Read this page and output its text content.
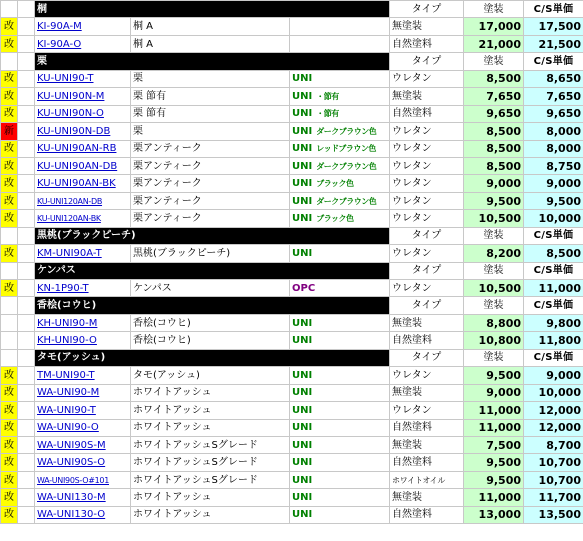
		桐			タイプ	塗装	C/S単価	
改		KI-90A-M	桐 A		無塗装	17,000	17,500	
改		KI-90A-O	桐 A		自然塗料	21,000	21,500	
		栗			タイプ	塗装	C/S単価	
改		KU-UNI90-T	栗	UNI	ウレタン	8,500	8,650	
改		KU-UNI90N-M	栗 節有	UNI ・節有	無塗装	7,650	7,650	
改		KU-UNI90N-O	栗 節有	UNI ・節有	自然塗料	9,650	9,650	
新		KU-UNI90N-DB	栗	UNI ダークブラウン色	ウレタン	8,500	8,000	
改		KU-UNI90AN-RB	栗アンティーク	UNI レッドブラウン色	ウレタン	8,500	8,000	
改		KU-UNI90AN-DB	栗アンティーク	UNI ダークブラウン色	ウレタン	8,500	8,750	
改		KU-UNI90AN-BK	栗アンティーク	UNI ブラック色	ウレタン	9,000	9,000	
改		KU-UNI120AN-DB	栗アンティーク	UNI ダークブラウン色	ウレタン	9,500	9,500	
改		KU-UNI120AN-BK	栗アンティーク	UNI ブラック色	ウレタン	10,500	10,000	
		黒桃(ブラックピーチ)			タイプ	塗装	C/S単価	
改		KM-UNI90A-T	黒桃(ブラックピーチ)	UNI	ウレタン	8,200	8,500	
		ケンパス			タイプ	塗装	C/S単価	
改		KN-1P90-T	ケンパス	OPC	ウレタン	10,500	11,000	
		香桧(コウヒ)			タイプ	塗装	C/S単価	
		KH-UNI90-M	香桧(コウヒ)	UNI	無塗装	8,800	9,800	
		KH-UNI90-O	香桧(コウヒ)	UNI	自然塗料	10,800	11,800	
		タモ(アッシュ)			タイプ	塗装	C/S単価	
改		TM-UNI90-T	タモ(アッシュ)	UNI	ウレタン	9,500	9,000	
改		WA-UNI90-M	ホワイトアッシュ	UNI	無塗装	9,000	10,000	
改		WA-UNI90-T	ホワイトアッシュ	UNI	ウレタン	11,000	12,000	
改		WA-UNI90-O	ホワイトアッシュ	UNI	自然塗料	11,000	12,000	
改		WA-UNI90S-M	ホワイトアッシュSグレード	UNI	無塗装	7,500	8,700	
改		WA-UNI90S-O	ホワイトアッシュSグレード	UNI	自然塗料	9,500	10,700	
改		WA-UNI90S-O#101	ホワイトアッシュSグレード	UNI	ホワイトオイル	9,500	10,700	
改		WA-UNI130-M	ホワイトアッシュ	UNI	無塗装	11,000	11,700	
改		WA-UNI130-O	ホワイトアッシュ	UNI	自然塗料	13,000	13,500	
